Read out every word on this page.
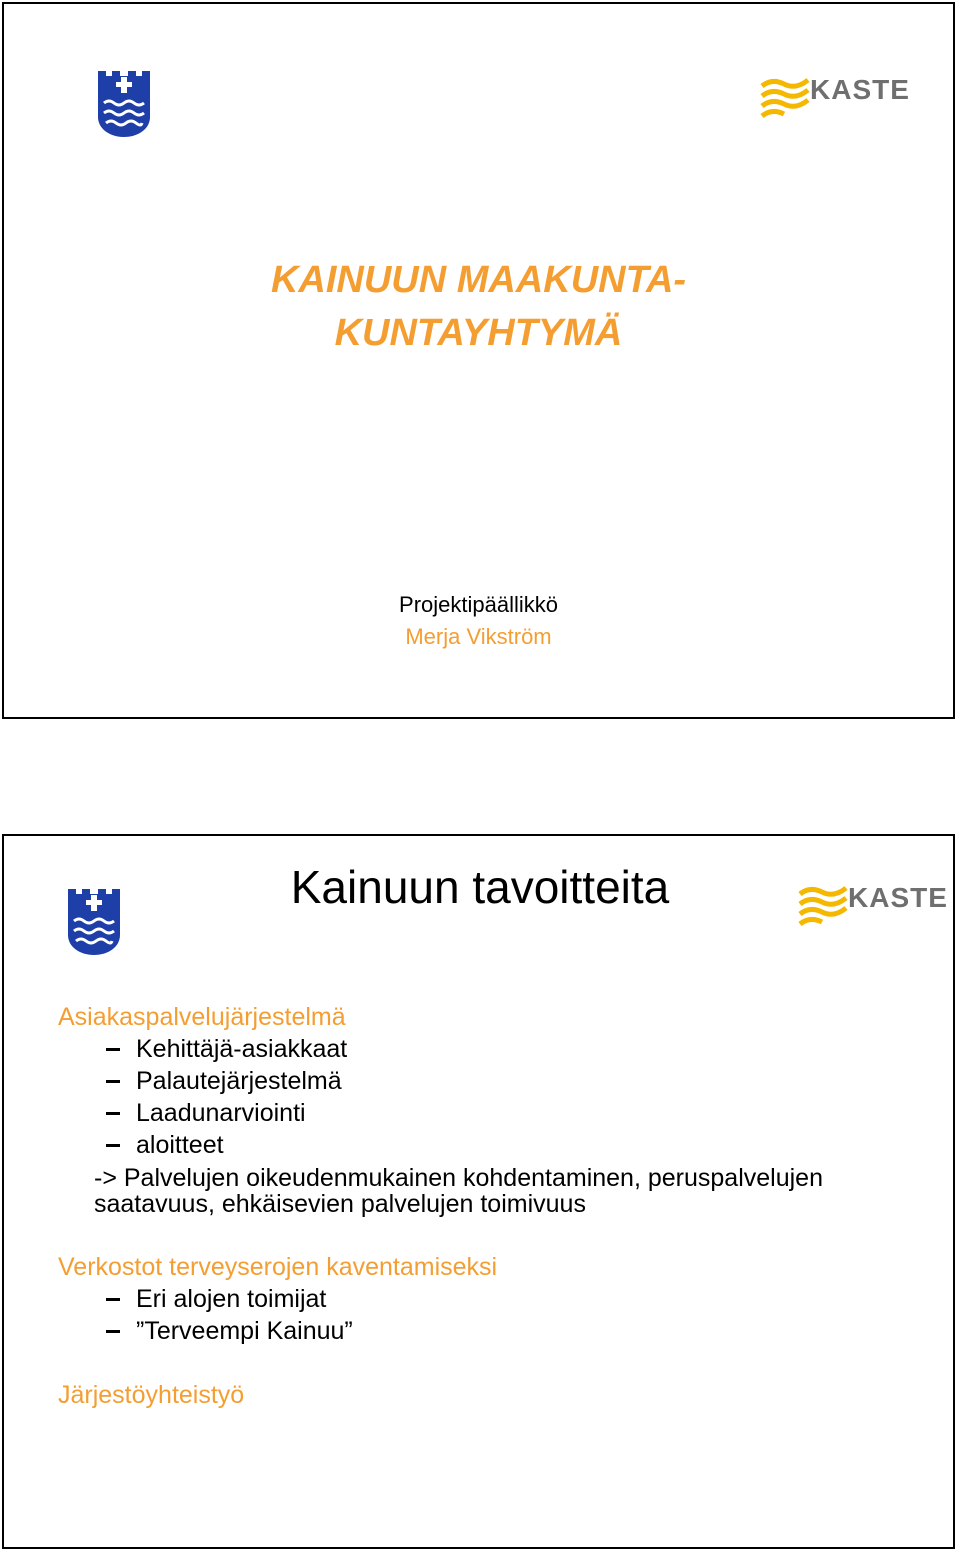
KASTE
KAINUUN MAAKUNTA-
KUNTAYHTYMÄ

Projektipäällikkö

Merja Vikström

KASTE
Kainuun tavoitteita

Asiakaspalvelujärjestelmä

Kehittäjä-asiakkaat
Palautejärjestelmä
Laadunarviointi
aloitteet
-> Palvelujen oikeudenmukainen kohdentaminen, peruspalvelujen saatavuus, ehkäisevien palvelujen toimivuus

Verkostot terveyserojen kaventamiseksi

Eri alojen toimijat
”Terveempi Kainuu”

Järjestöyhteistyö
